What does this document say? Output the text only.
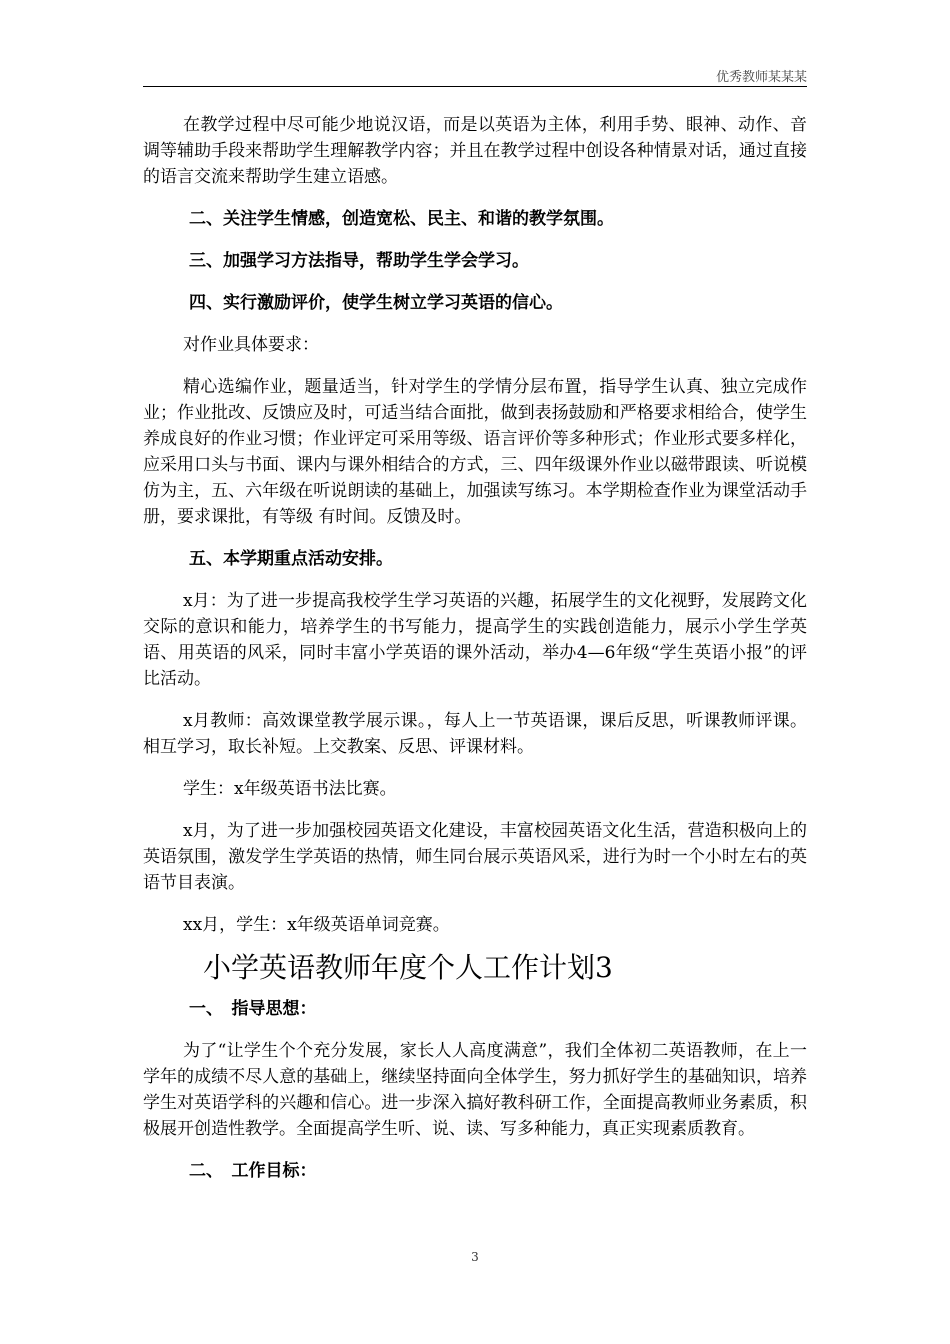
优秀教师某某某

在教学过程中尽可能少地说汉语，而是以英语为主体，利用手势、眼神、动作、音调等辅助手段来帮助学生理解教学内容；并且在教学过程中创设各种情景对话，通过直接的语言交流来帮助学生建立语感。

二、关注学生情感，创造宽松、民主、和谐的教学氛围。

三、加强学习方法指导，帮助学生学会学习。

四、实行激励评价，使学生树立学习英语的信心。

对作业具体要求：

精心选编作业，题量适当，针对学生的学情分层布置，指导学生认真、独立完成作业；作业批改、反馈应及时，可适当结合面批，做到表扬鼓励和严格要求相给合，使学生养成良好的作业习惯；作业评定可采用等级、语言评价等多种形式；作业形式要多样化，应采用口头与书面、课内与课外相结合的方式，三、四年级课外作业以磁带跟读、听说模仿为主，五、六年级在听说朗读的基础上，加强读写练习。本学期检查作业为课堂活动手册，要求课批，有等级 有时间。反馈及时。

五、本学期重点活动安排。

x月：为了进一步提高我校学生学习英语的兴趣，拓展学生的文化视野，发展跨文化交际的意识和能力，培养学生的书写能力，提高学生的实践创造能力，展示小学生学英语、用英语的风采，同时丰富小学英语的课外活动，举办4—6年级“学生英语小报”的评比活动。

x月教师：高效课堂教学展示课。，每人上一节英语课，课后反思，听课教师评课。相互学习，取长补短。上交教案、反思、评课材料。

学生：x年级英语书法比赛。

x月，为了进一步加强校园英语文化建设，丰富校园英语文化生活，营造积极向上的英语氛围，激发学生学英语的热情，师生同台展示英语风采，进行为时一个小时左右的英语节目表演。

xx月，学生：x年级英语单词竞赛。

小学英语教师年度个人工作计划3

一、　指导思想：

为了“让学生个个充分发展，家长人人高度满意”，我们全体初二英语教师，在上一学年的成绩不尽人意的基础上，继续坚持面向全体学生，努力抓好学生的基础知识，培养学生对英语学科的兴趣和信心。进一步深入搞好教科研工作，全面提高教师业务素质，积极展开创造性教学。全面提高学生听、说、读、写多种能力，真正实现素质教育。

二、　工作目标：

3
